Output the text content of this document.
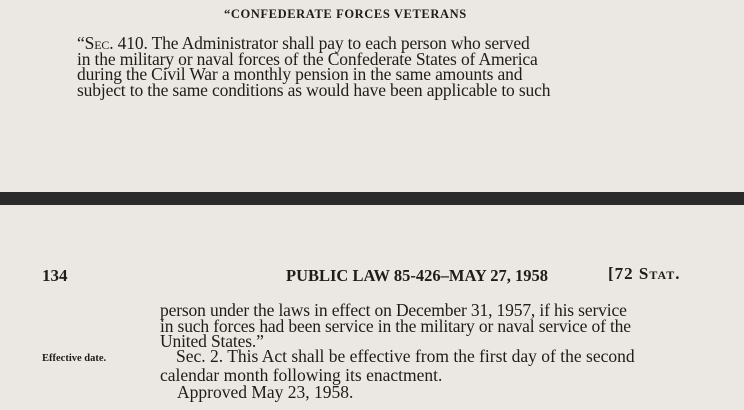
“CONFEDERATE FORCES VETERANS
“Sec. 410. The Administrator shall pay to each person who served
in the military or naval forces of the Confederate States of America
during the Civil War a monthly pension in the same amounts and
subject to the same conditions as would have been applicable to such
134	PUBLIC LAW 85-426–MAY 27, 1958	[72 Stat.
person under the laws in effect on December 31, 1957, if his service
in such forces had been service in the military or naval service of the
United States.”
Effective date.	Sec. 2. This Act shall be effective from the first day of the second
calendar month following its enactment.
Approved May 23, 1958.
